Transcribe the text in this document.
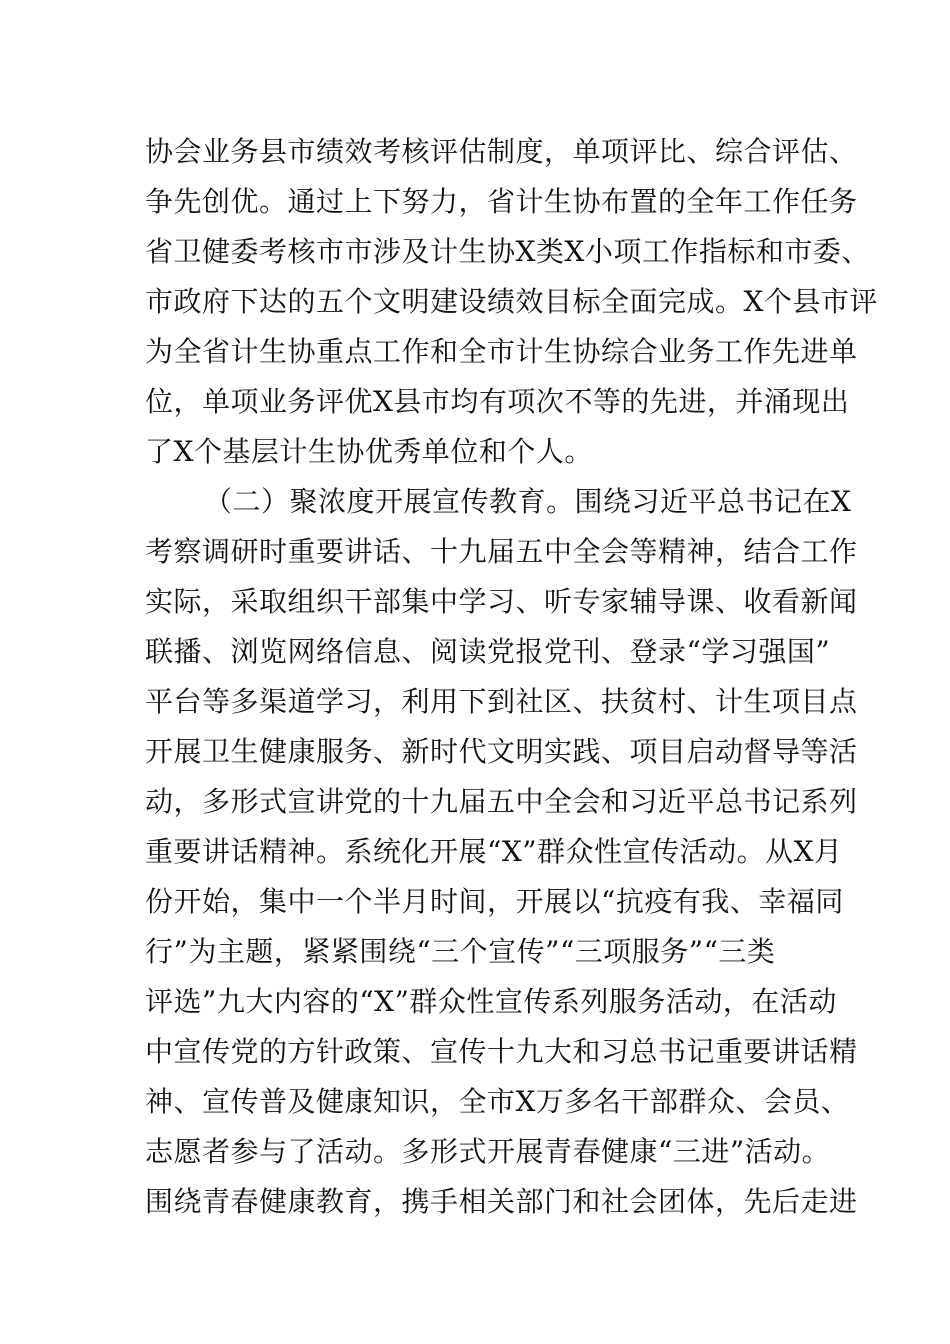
协会业务县市绩效考核评估制度，单项评比、综合评估、
争先创优。通过上下努力，省计生协布置的全年工作任务
省卫健委考核市市涉及计生协X类X小项工作指标和市委、
市政府下达的五个文明建设绩效目标全面完成。X个县市评
为全省计生协重点工作和全市计生协综合业务工作先进单
位，单项业务评优X县市均有项次不等的先进，并涌现出
了X个基层计生协优秀单位和个人。
（二）聚浓度开展宣传教育。围绕习近平总书记在X
考察调研时重要讲话、十九届五中全会等精神，结合工作
实际，采取组织干部集中学习、听专家辅导课、收看新闻
联播、浏览网络信息、阅读党报党刊、登录“学习强国”
平台等多渠道学习，利用下到社区、扶贫村、计生项目点
开展卫生健康服务、新时代文明实践、项目启动督导等活
动，多形式宣讲党的十九届五中全会和习近平总书记系列
重要讲话精神。系统化开展“X”群众性宣传活动。从X月
份开始，集中一个半月时间，开展以“抗疫有我、幸福同
行”为主题，紧紧围绕“三个宣传”“三项服务”“三类
评选”九大内容的“X”群众性宣传系列服务活动，在活动
中宣传党的方针政策、宣传十九大和习总书记重要讲话精
神、宣传普及健康知识，全市X万多名干部群众、会员、
志愿者参与了活动。多形式开展青春健康“三进”活动。
围绕青春健康教育，携手相关部门和社会团体，先后走进
